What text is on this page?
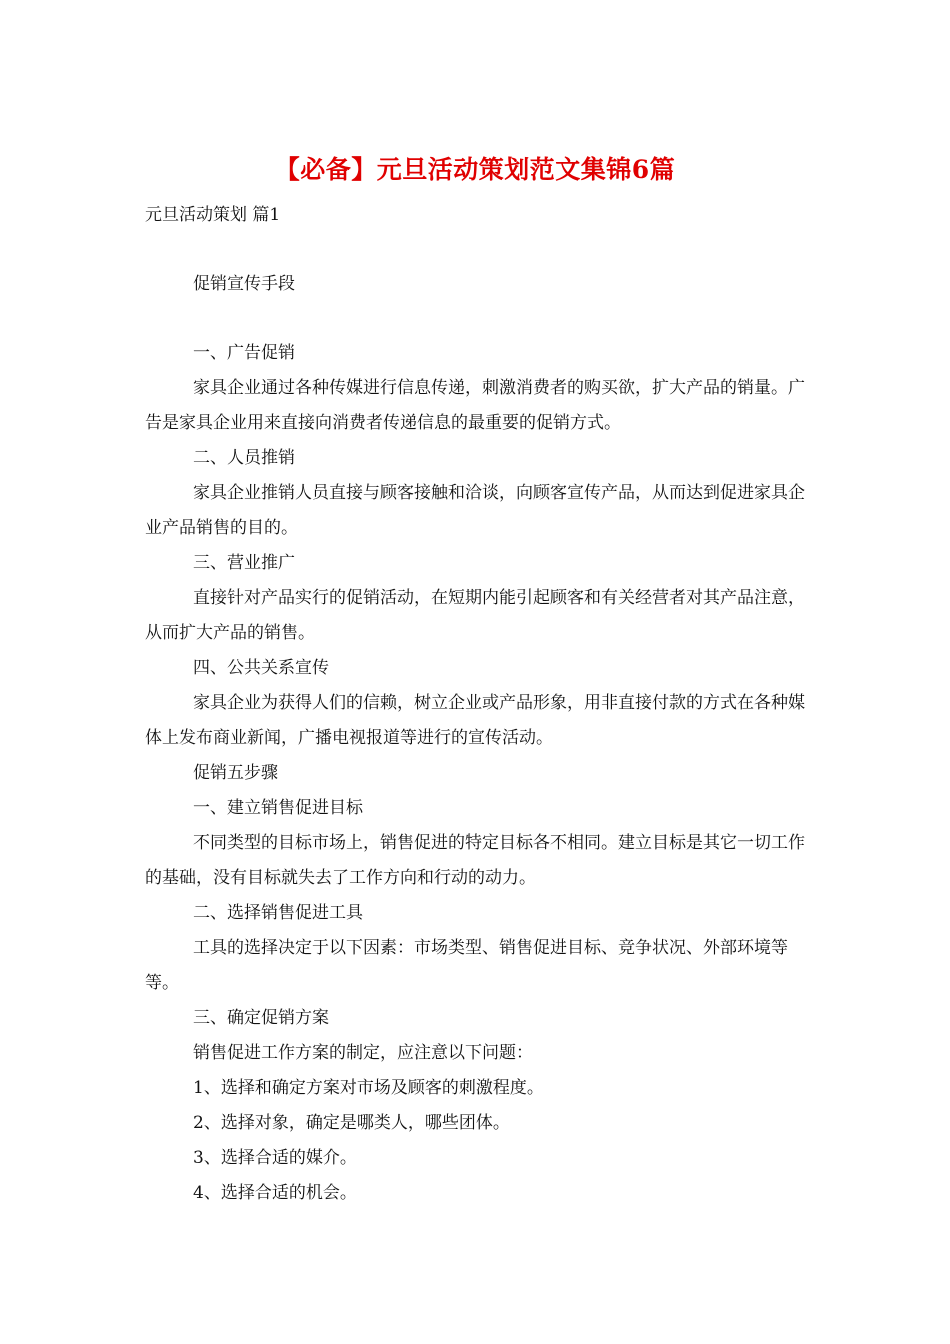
【必备】元旦活动策划范文集锦6篇

元旦活动策划 篇1

促销宣传手段

一、广告促销

家具企业通过各种传媒进行信息传递，刺激消费者的购买欲，扩大产品的销量。广告是家具企业用来直接向消费者传递信息的最重要的促销方式。

二、人员推销

家具企业推销人员直接与顾客接触和洽谈，向顾客宣传产品，从而达到促进家具企业产品销售的目的。

三、营业推广

直接针对产品实行的促销活动，在短期内能引起顾客和有关经营者对其产品注意，从而扩大产品的销售。

四、公共关系宣传

家具企业为获得人们的信赖，树立企业或产品形象，用非直接付款的方式在各种媒体上发布商业新闻，广播电视报道等进行的宣传活动。

促销五步骤

一、建立销售促进目标

不同类型的目标市场上，销售促进的特定目标各不相同。建立目标是其它一切工作的基础，没有目标就失去了工作方向和行动的动力。

二、选择销售促进工具

工具的选择决定于以下因素：市场类型、销售促进目标、竞争状况、外部环境等等。

三、确定促销方案

销售促进工作方案的制定，应注意以下问题：

1、选择和确定方案对市场及顾客的刺激程度。

2、选择对象，确定是哪类人，哪些团体。

3、选择合适的媒介。

4、选择合适的机会。
